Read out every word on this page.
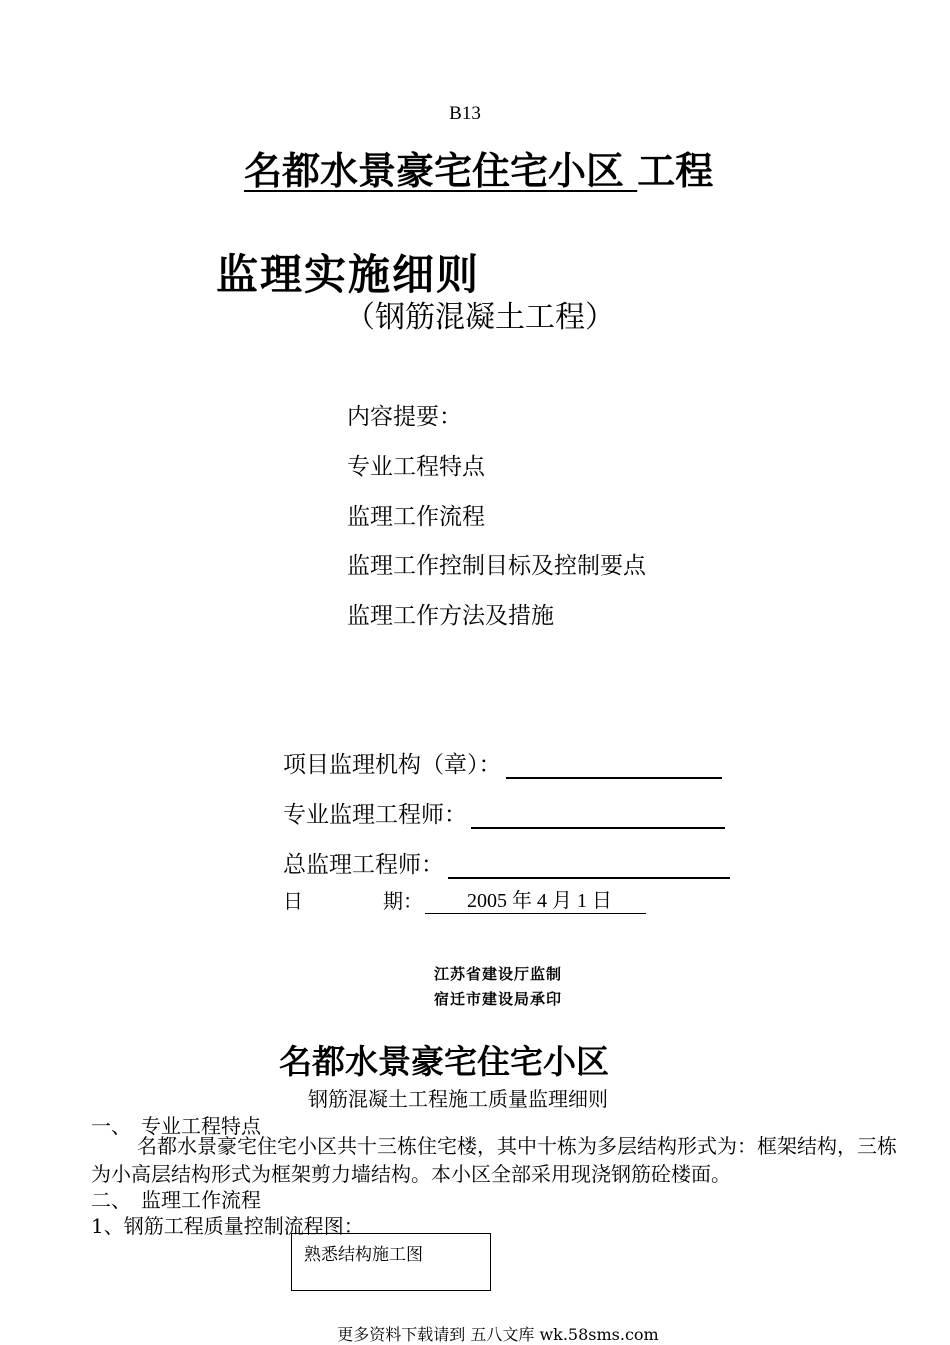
B13
名都水景豪宅住宅小区 工程
监理实施细则
（钢筋混凝土工程）
内容提要：
专业工程特点
监理工作流程
监理工作控制目标及控制要点
监理工作方法及措施
项目监理机构（章）：
专业监理工程师：
总监理工程师：
日　　　　期：	2005 年 4 月 1 日
江苏省建设厅监制
宿迁市建设局承印
名都水景豪宅住宅小区
钢筋混凝土工程施工质量监理细则
一、　专业工程特点
名都水景豪宅住宅小区共十三栋住宅楼，其中十栋为多层结构形式为：框架结构，三栋为小高层结构形式为框架剪力墙结构。本小区全部采用现浇钢筋砼楼面。
二、　监理工作流程
1、钢筋工程质量控制流程图：
熟悉结构施工图
更多资料下载请到 五八文库 wk.58sms.com
